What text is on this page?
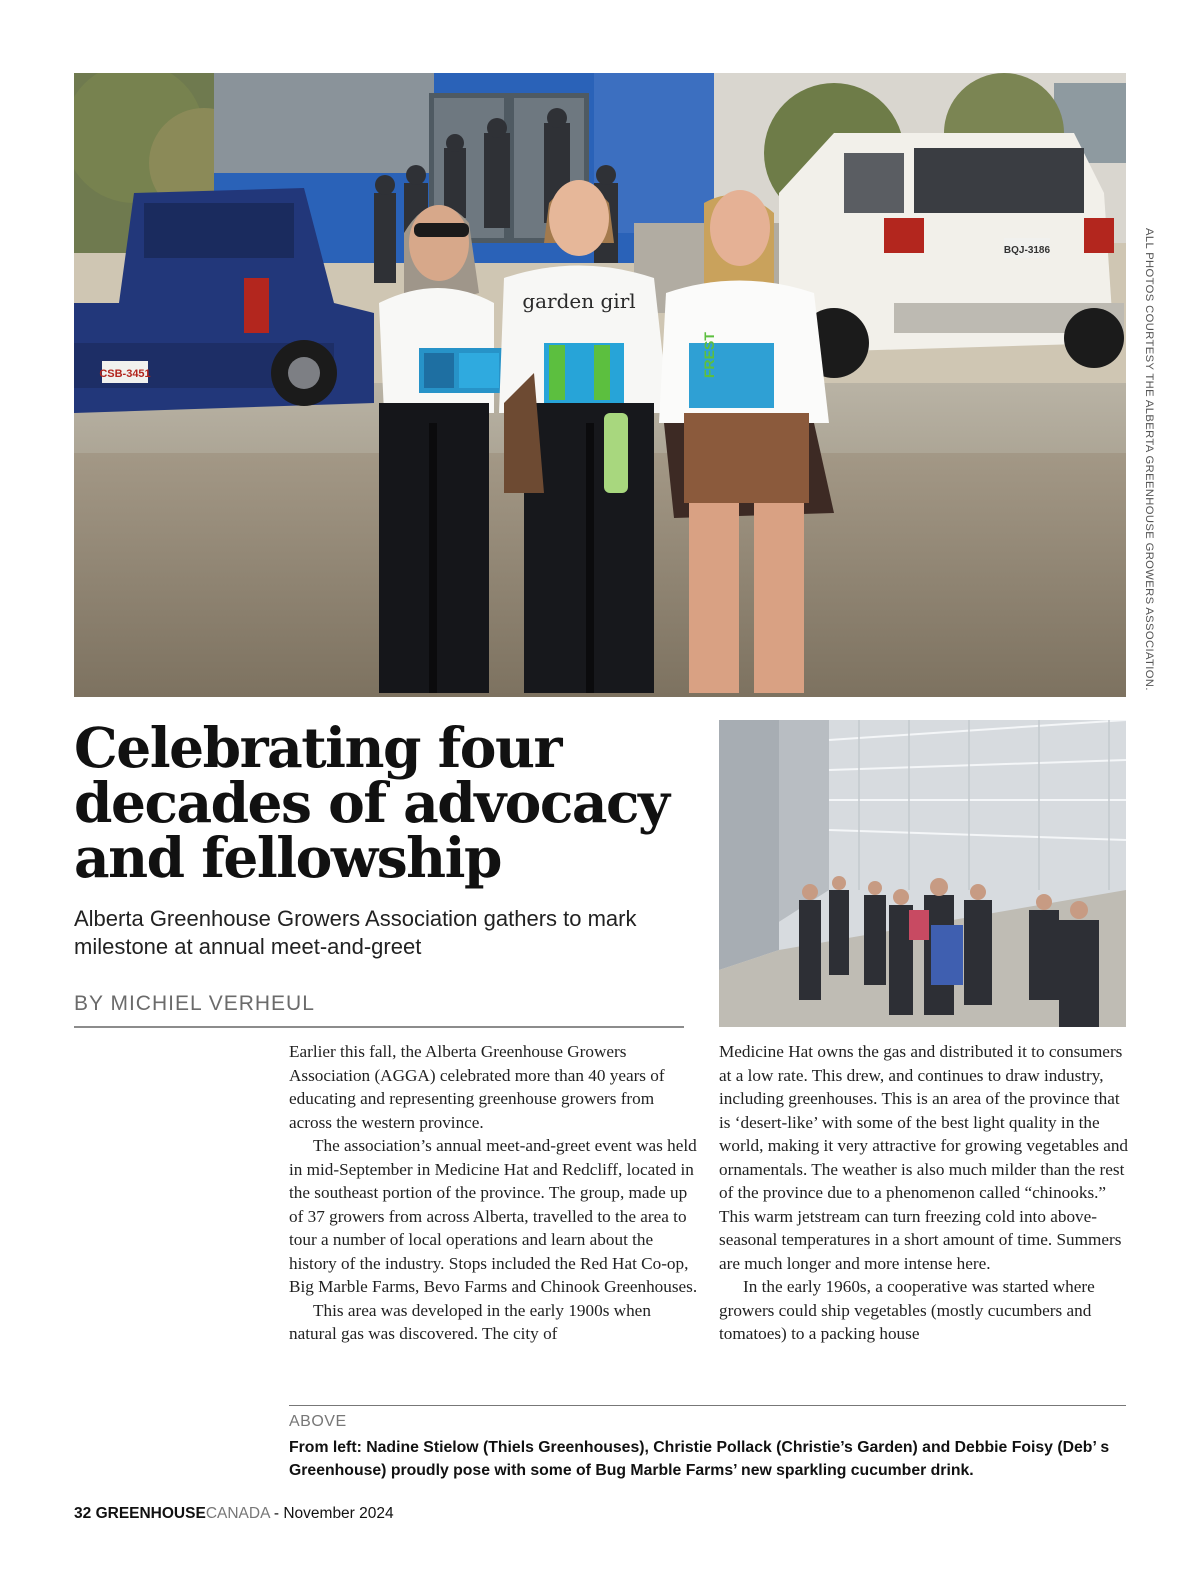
CSB-3451
BQJ-3186
garden girl
FREST	ALL PHOTOS COURTESY THE ALBERTA GREENHOUSE GROWERS ASSOCIATION.
Celebrating four
decades of advocacy
and fellowship
Alberta Greenhouse Growers Association gathers to mark milestone at annual meet-and-greet
BY MICHIEL VERHEUL

Earlier this fall, the Alberta Greenhouse Growers Association (AGGA) celebrated more than 40 years of educating and representing greenhouse growers from across the western province.

The association’s annual meet-and-greet event was held in mid-September in Medicine Hat and Redcliff, located in the southeast portion of the province. The group, made up of 37 growers from across Alberta, travelled to the area to tour a number of local operations and learn about the history of the industry. Stops included the Red Hat Co-op, Big Marble Farms, Bevo Farms and Chinook Greenhouses.

This area was developed in the early 1900s when natural gas was discovered. The city of

Medicine Hat owns the gas and distributed it to consumers at a low rate. This drew, and continues to draw industry, including greenhouses. This is an area of the province that is ‘desert-like’ with some of the best light quality in the world, making it very attractive for growing vegetables and ornamentals. The weather is also much milder than the rest of the province due to a phenomenon called “chinooks.” This warm jetstream can turn freezing cold into above-seasonal temperatures in a short amount of time. Summers are much longer and more intense here.

In the early 1960s, a cooperative was started where growers could ship vegetables (mostly cucumbers and tomatoes) to a packing house

ABOVE
From left: Nadine Stielow (Thiels Greenhouses), Christie Pollack (Christie’s Garden) and Debbie Foisy (Deb’ s Greenhouse) proudly pose with some of Bug Marble Farms’ new sparkling cucumber drink.
32 GREENHOUSECANADA - November 2024
